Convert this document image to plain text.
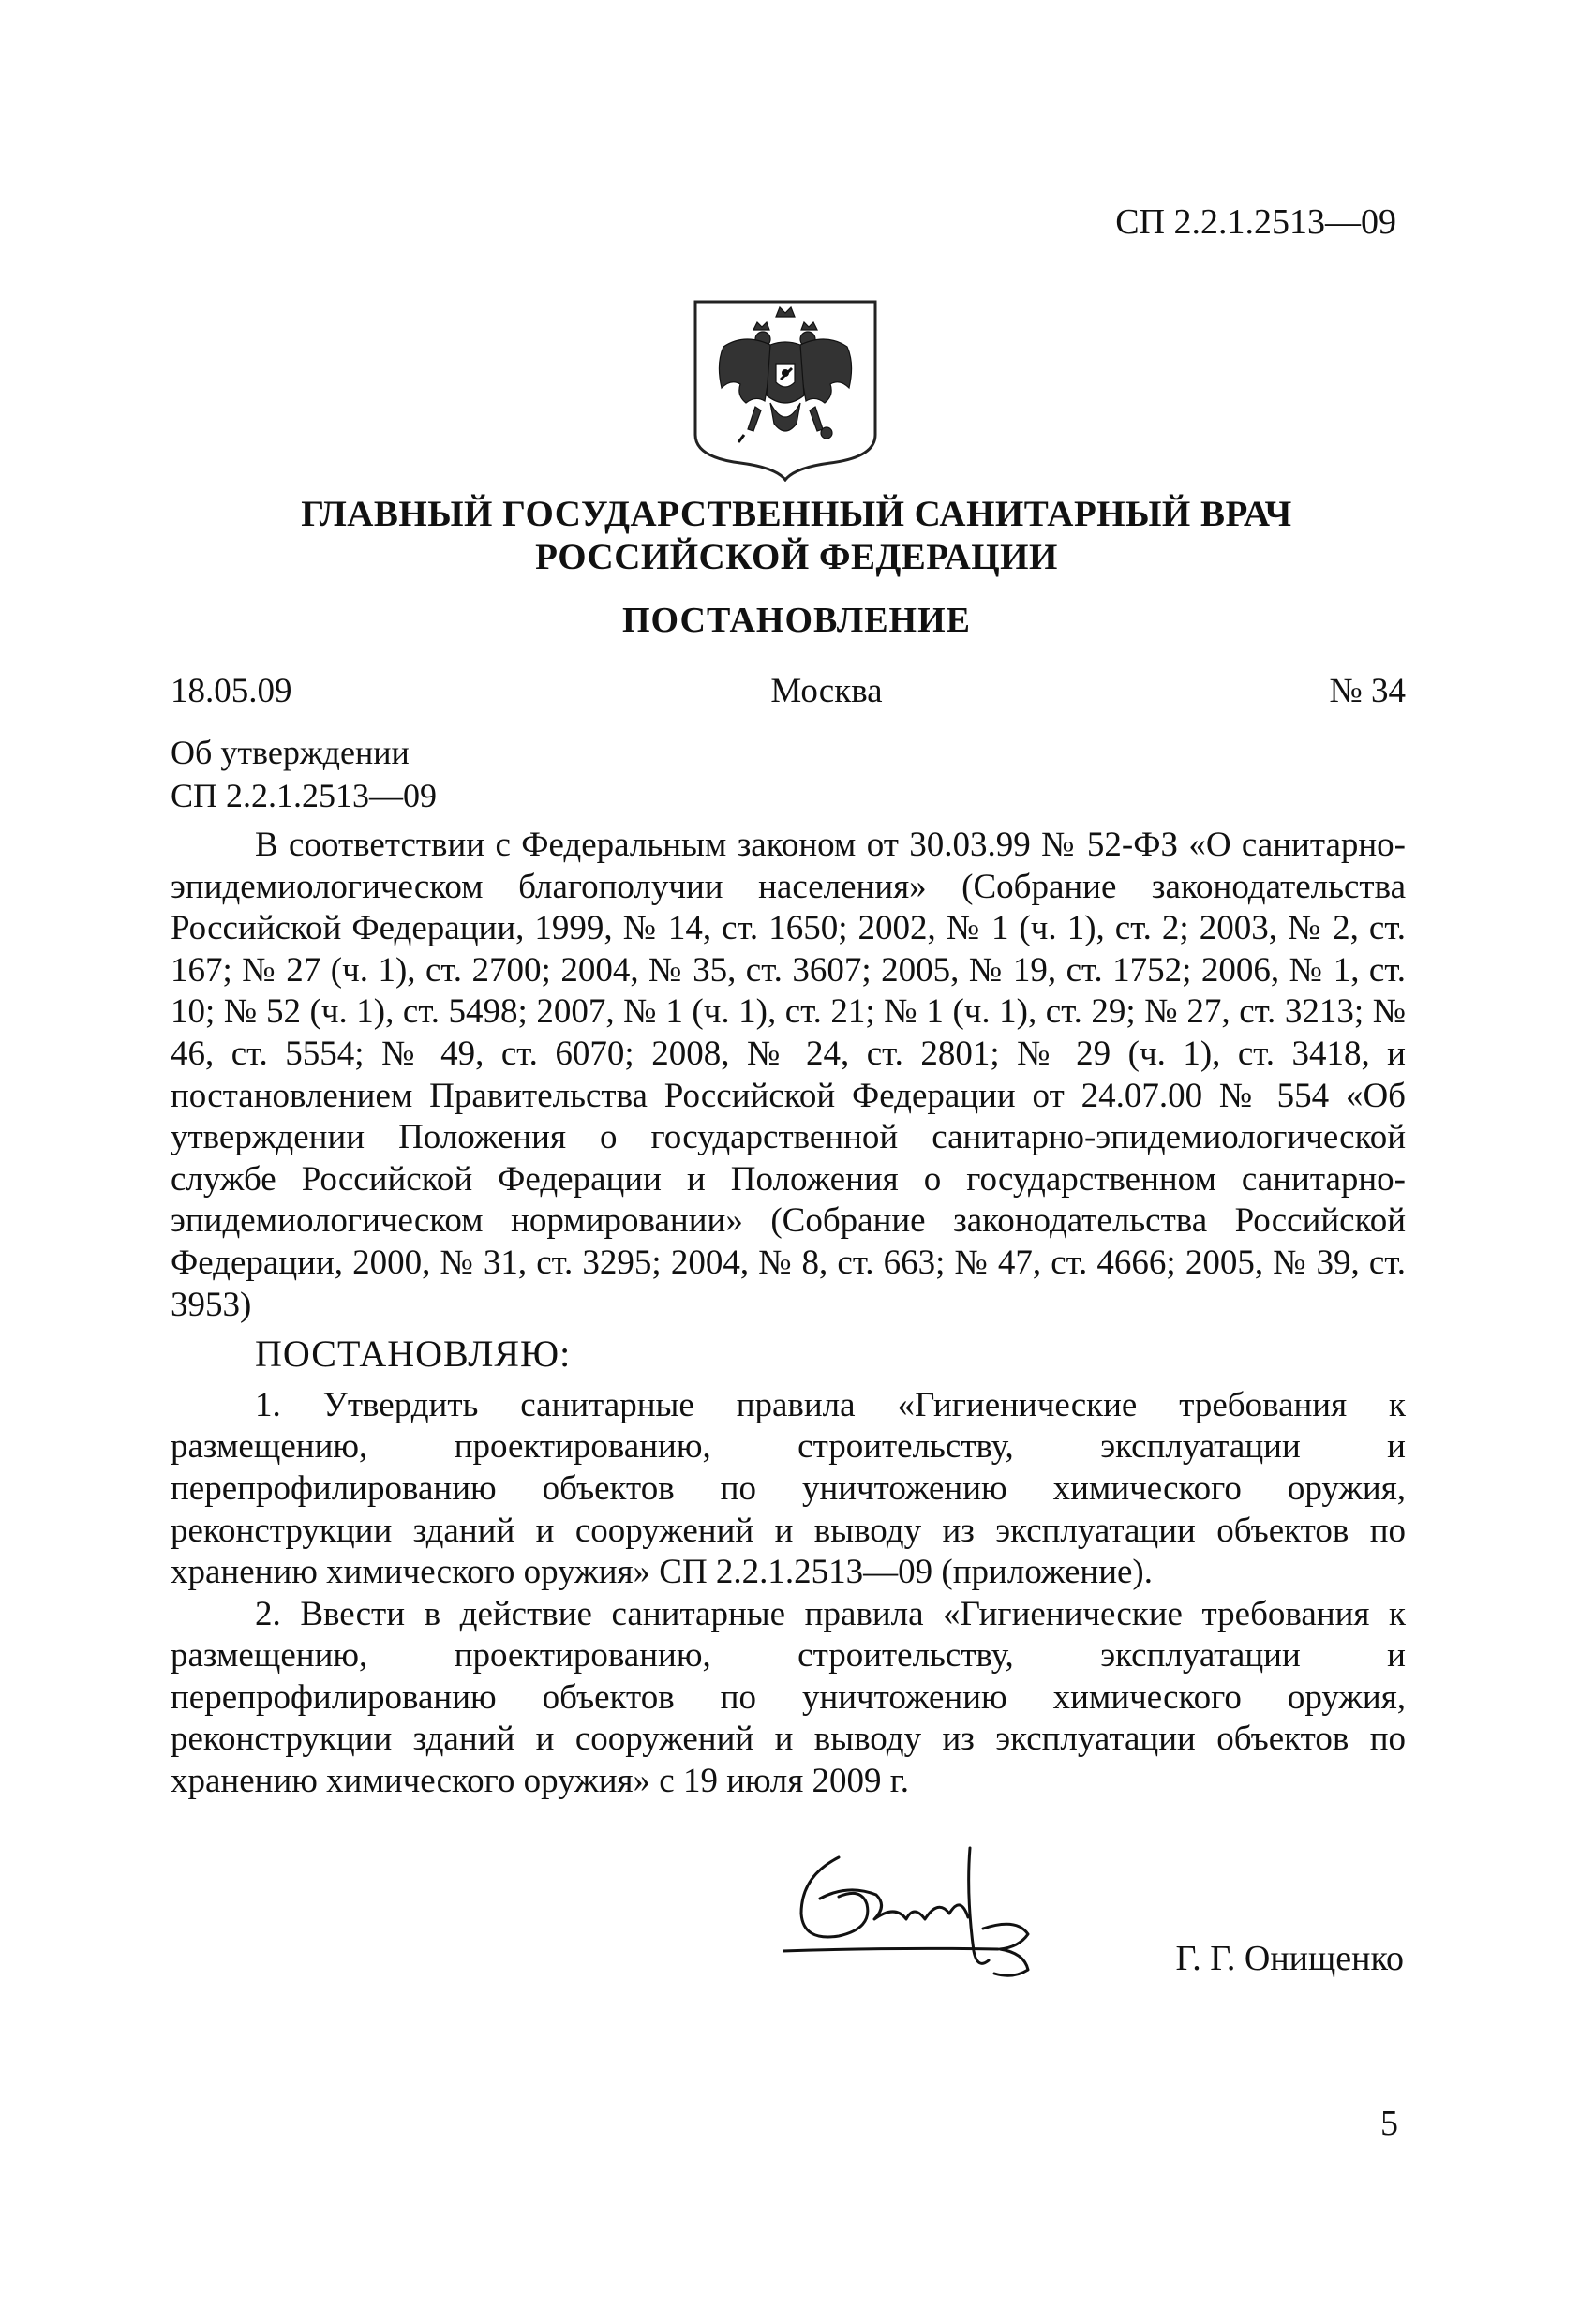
СП 2.2.1.2513—09
ГЛАВНЫЙ ГОСУДАРСТВЕННЫЙ САНИТАРНЫЙ ВРАЧ
РОССИЙСКОЙ ФЕДЕРАЦИИ
ПОСТАНОВЛЕНИЕ
18.05.09	Москва	№ 34
Об утверждении
СП 2.2.1.2513—09

В соответствии с Федеральным законом от 30.03.99 № 52-ФЗ «О санитарно-эпидемиологическом благополучии населения» (Собрание законодательства Российской Федерации, 1999, № 14, ст. 1650; 2002, № 1 (ч. 1), ст. 2; 2003, № 2, ст. 167; № 27 (ч. 1), ст. 2700; 2004, № 35, ст. 3607; 2005, № 19, ст. 1752; 2006, № 1, ст. 10; № 52 (ч. 1), ст. 5498; 2007, № 1 (ч. 1), ст. 21; № 1 (ч. 1), ст. 29; № 27, ст. 3213; № 46, ст. 5554; № 49, ст. 6070; 2008, № 24, ст. 2801; № 29 (ч. 1), ст. 3418, и постановлением Правительства Российской Федерации от 24.07.00 № 554 «Об утверждении Положения о государственной санитарно-эпидемиологической службе Российской Федерации и Положения о государственном санитарно-эпидемиологическом нормировании» (Собрание законодательства Российской Федерации, 2000, № 31, ст. 3295; 2004, № 8, ст. 663; № 47, ст. 4666; 2005, № 39, ст. 3953)

ПОСТАНОВЛЯЮ:

1. Утвердить санитарные правила «Гигиенические требования к размещению, проектированию, строительству, эксплуатации и перепрофилированию объектов по уничтожению химического оружия, реконструкции зданий и сооружений и выводу из эксплуатации объектов по хранению химического оружия» СП 2.2.1.2513—09 (приложение).

2. Ввести в действие санитарные правила «Гигиенические требования к размещению, проектированию, строительству, эксплуатации и перепрофилированию объектов по уничтожению химического оружия, реконструкции зданий и сооружений и выводу из эксплуатации объектов по хранению химического оружия» с 19 июля 2009 г.

Г. Г. Онищенко
5
